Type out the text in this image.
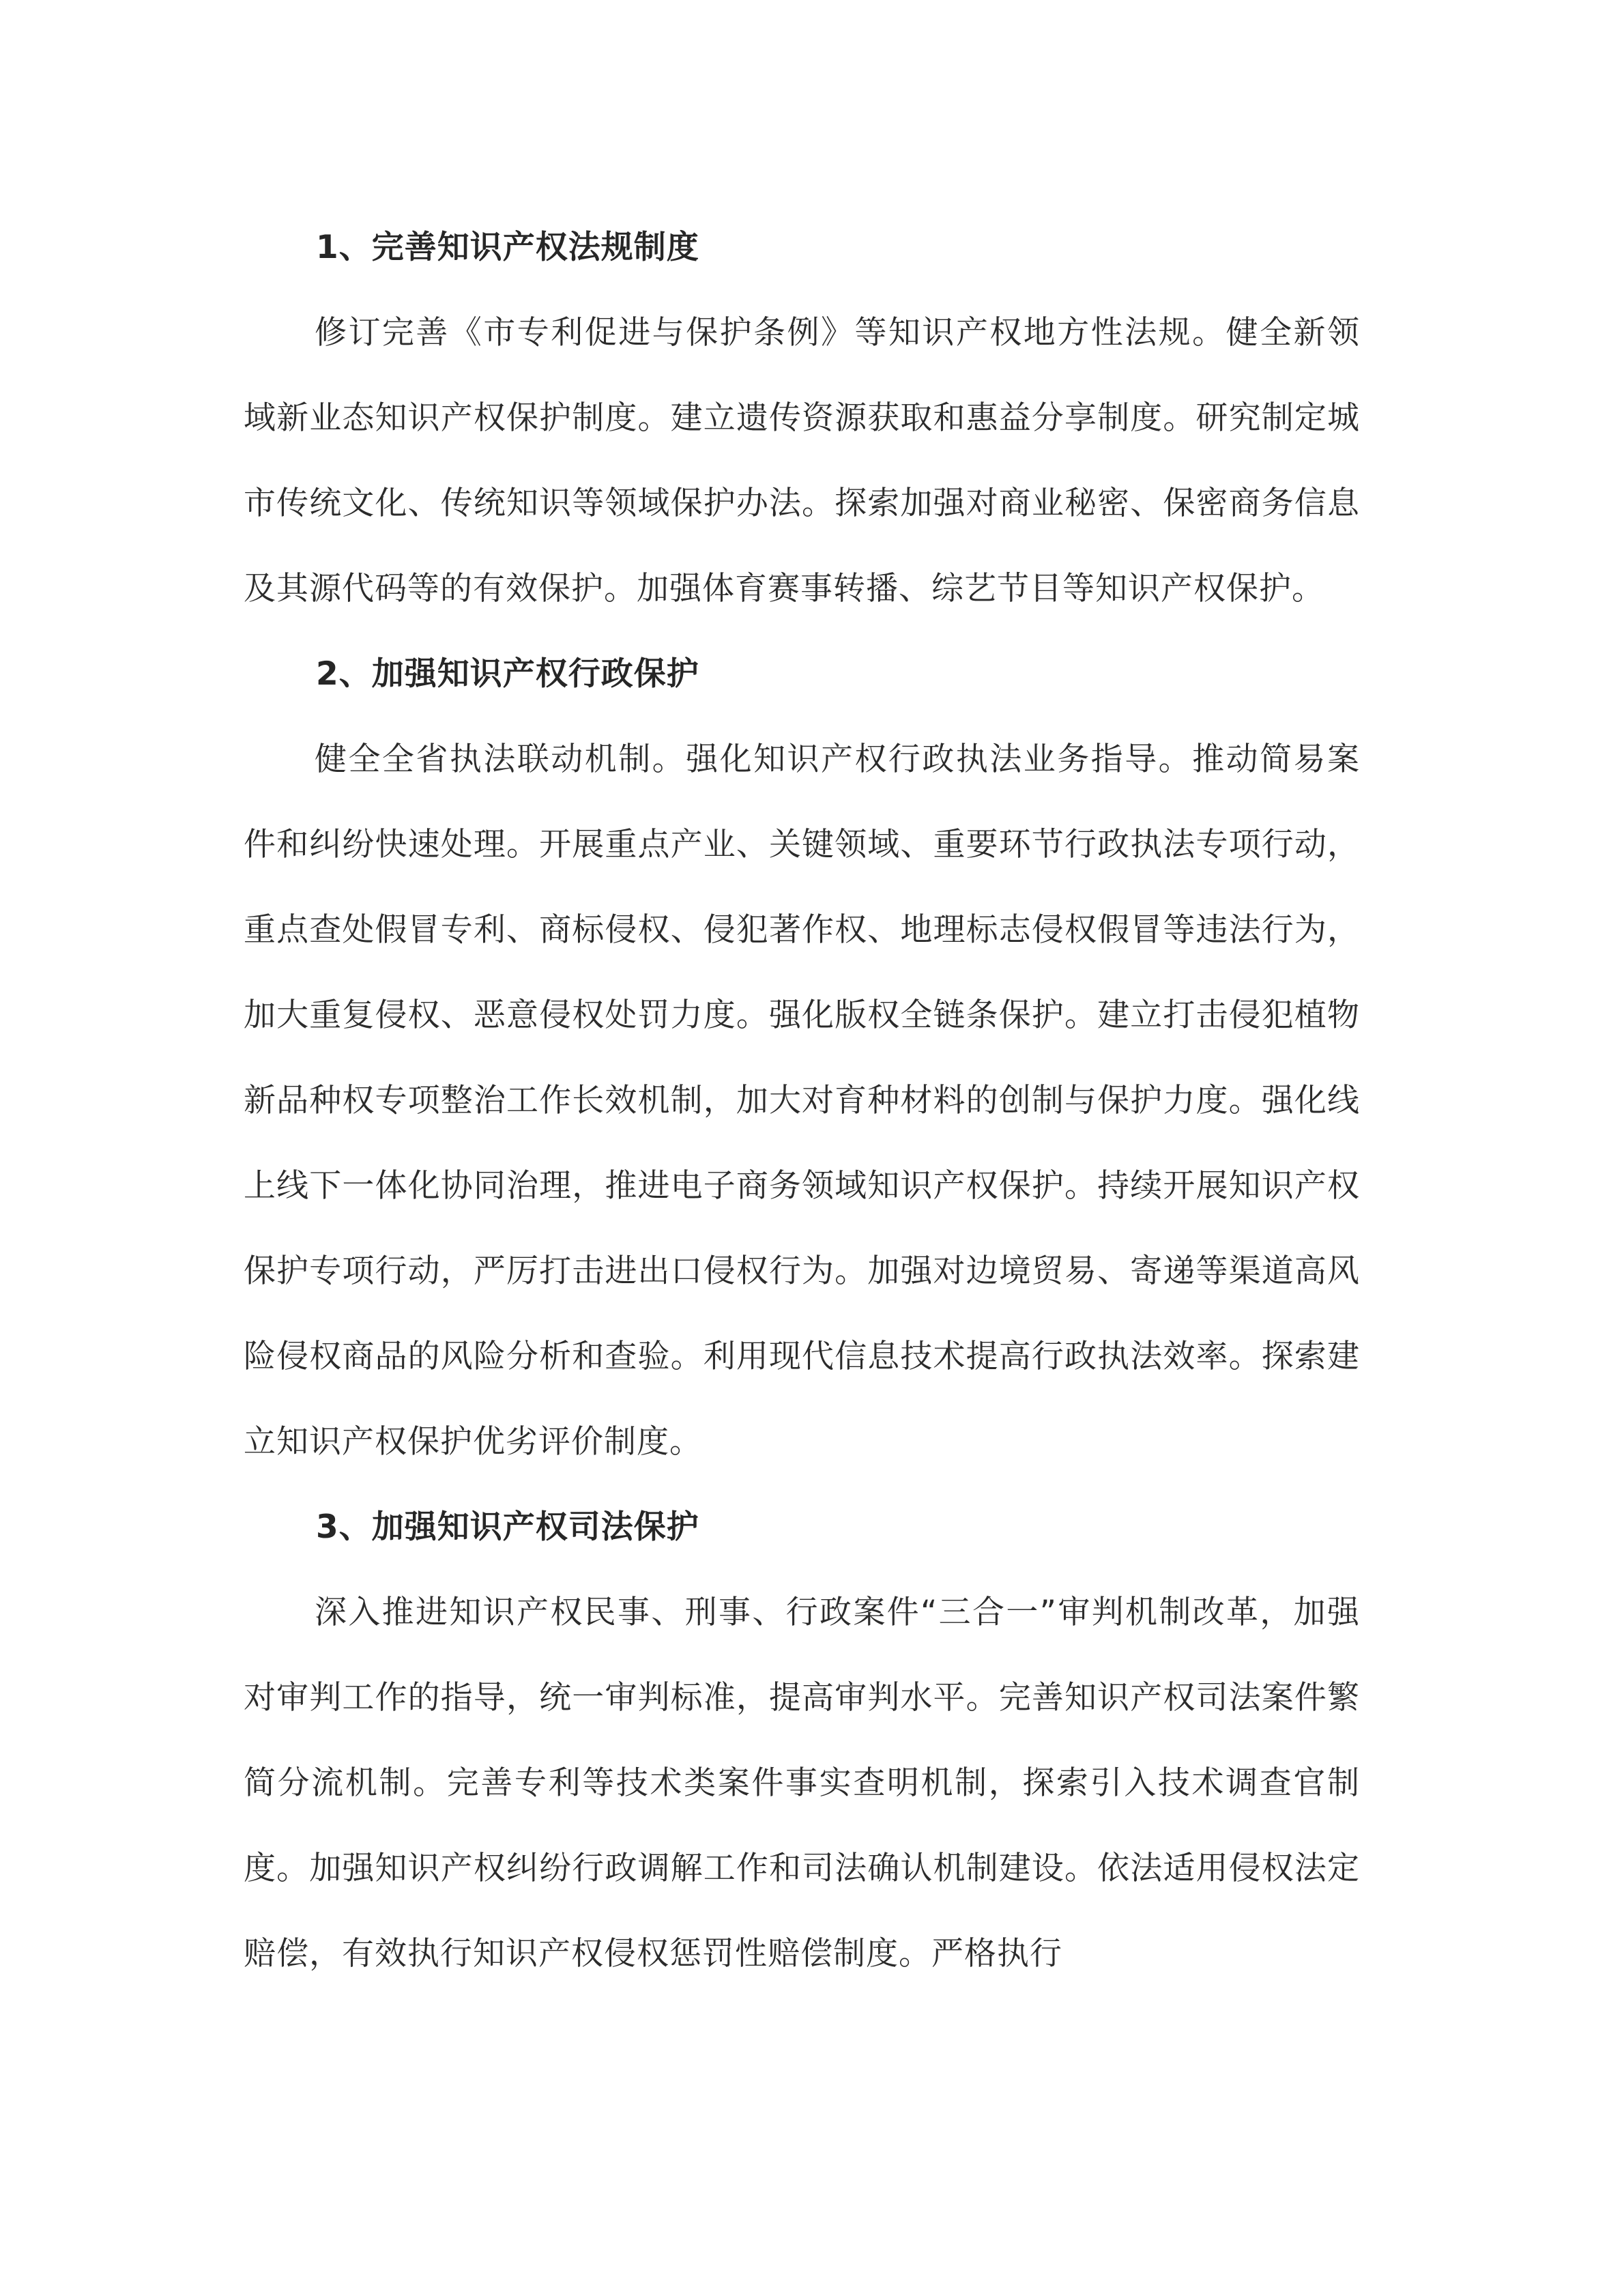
1、完善知识产权法规制度

修订完善《市专利促进与保护条例》等知识产权地方性法规。健全新领域新业态知识产权保护制度。建立遗传资源获取和惠益分享制度。研究制定城市传统文化、传统知识等领域保护办法。探索加强对商业秘密、保密商务信息及其源代码等的有效保护。加强体育赛事转播、综艺节目等知识产权保护。

2、加强知识产权行政保护

健全全省执法联动机制。强化知识产权行政执法业务指导。推动简易案件和纠纷快速处理。开展重点产业、关键领域、重要环节行政执法专项行动，重点查处假冒专利、商标侵权、侵犯著作权、地理标志侵权假冒等违法行为，加大重复侵权、恶意侵权处罚力度。强化版权全链条保护。建立打击侵犯植物新品种权专项整治工作长效机制，加大对育种材料的创制与保护力度。强化线上线下一体化协同治理，推进电子商务领域知识产权保护。持续开展知识产权保护专项行动，严厉打击进出口侵权行为。加强对边境贸易、寄递等渠道高风险侵权商品的风险分析和查验。利用现代信息技术提高行政执法效率。探索建立知识产权保护优劣评价制度。

3、加强知识产权司法保护

深入推进知识产权民事、刑事、行政案件“三合一”审判机制改革，加强对审判工作的指导，统一审判标准，提高审判水平。完善知识产权司法案件繁简分流机制。完善专利等技术类案件事实查明机制，探索引入技术调查官制度。加强知识产权纠纷行政调解工作和司法确认机制建设。依法适用侵权法定赔偿，有效执行知识产权侵权惩罚性赔偿制度。严格执行
